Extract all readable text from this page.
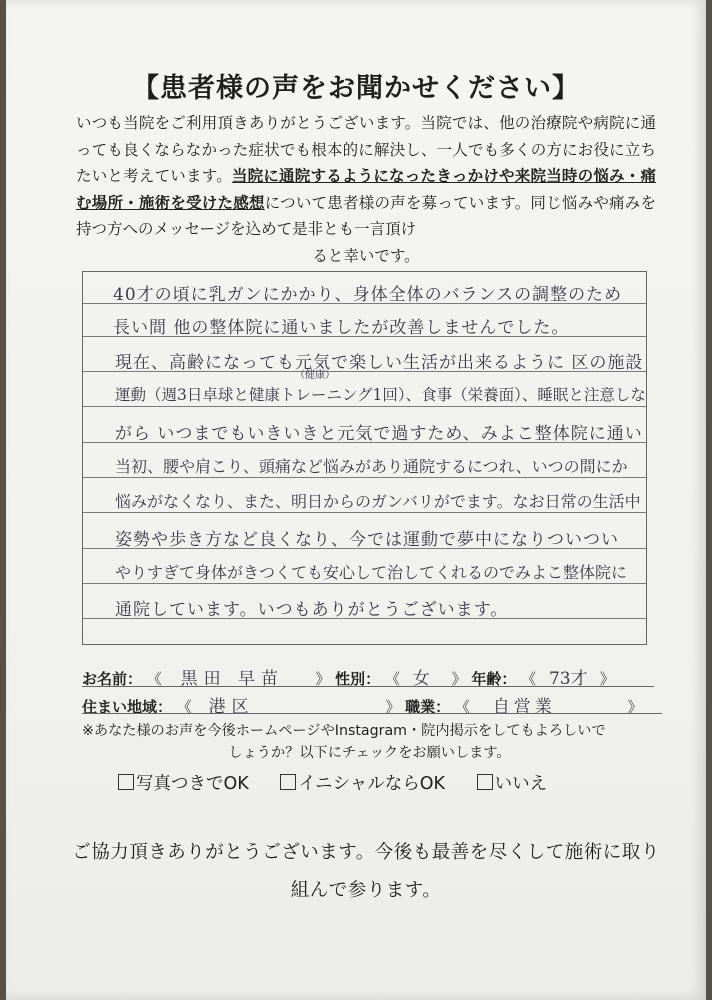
【患者様の声をお聞かせください】
いつも当院をご利用頂きありがとうございます。当院では、他の治療院や病院に通っても良くならなかった症状でも根本的に解決し、一人でも多くの方にお役に立ちたいと考えています。当院に通院するようになったきっかけや来院当時の悩み・痛む場所・施術を受けた感想について患者様の声を募っています。同じ悩みや痛みを持つ方へのメッセージを込めて是非とも一言頂け
ると幸いです。
40才の頃に乳ガンにかかり、身体全体のバランスの調整のため
長い間 他の整体院に通いましたが改善しませんでした。
現在、高齢になっても元気で楽しい生活が出来るように 区の施設
運動（週3日卓球と健康トレーニング1回）、食事（栄養面）、睡眠と注意しな
（健康）
がら いつまでもいきいきと元気で過すため、みよこ整体院に通い
当初、腰や肩こり、頭痛など悩みがあり通院するにつれ、いつの間にか
悩みがなくなり、また、明日からのガンバリがでます。なお日常の生活中
姿勢や歩き方など良くなり、今では運動で夢中になりついつい
やりすぎて身体がきつくても安心して治してくれるのでみよこ整体院に
通院しています。いつもありがとうございます。
お名前： 《 黒田 早苗 》 性別： 《 女 》 年齢： 《 73才 》
住まい地域： 《 港区	》 職業： 《 自営業	》
※あなた様のお声を今後ホームページやInstagram・院内掲示をしてもよろしいで
しょうか？以下にチェックをお願いします。
写真つきでOK	イニシャルならOK	いいえ
ご協力頂きありがとうございます。今後も最善を尽くして施術に取り組んで参ります。
